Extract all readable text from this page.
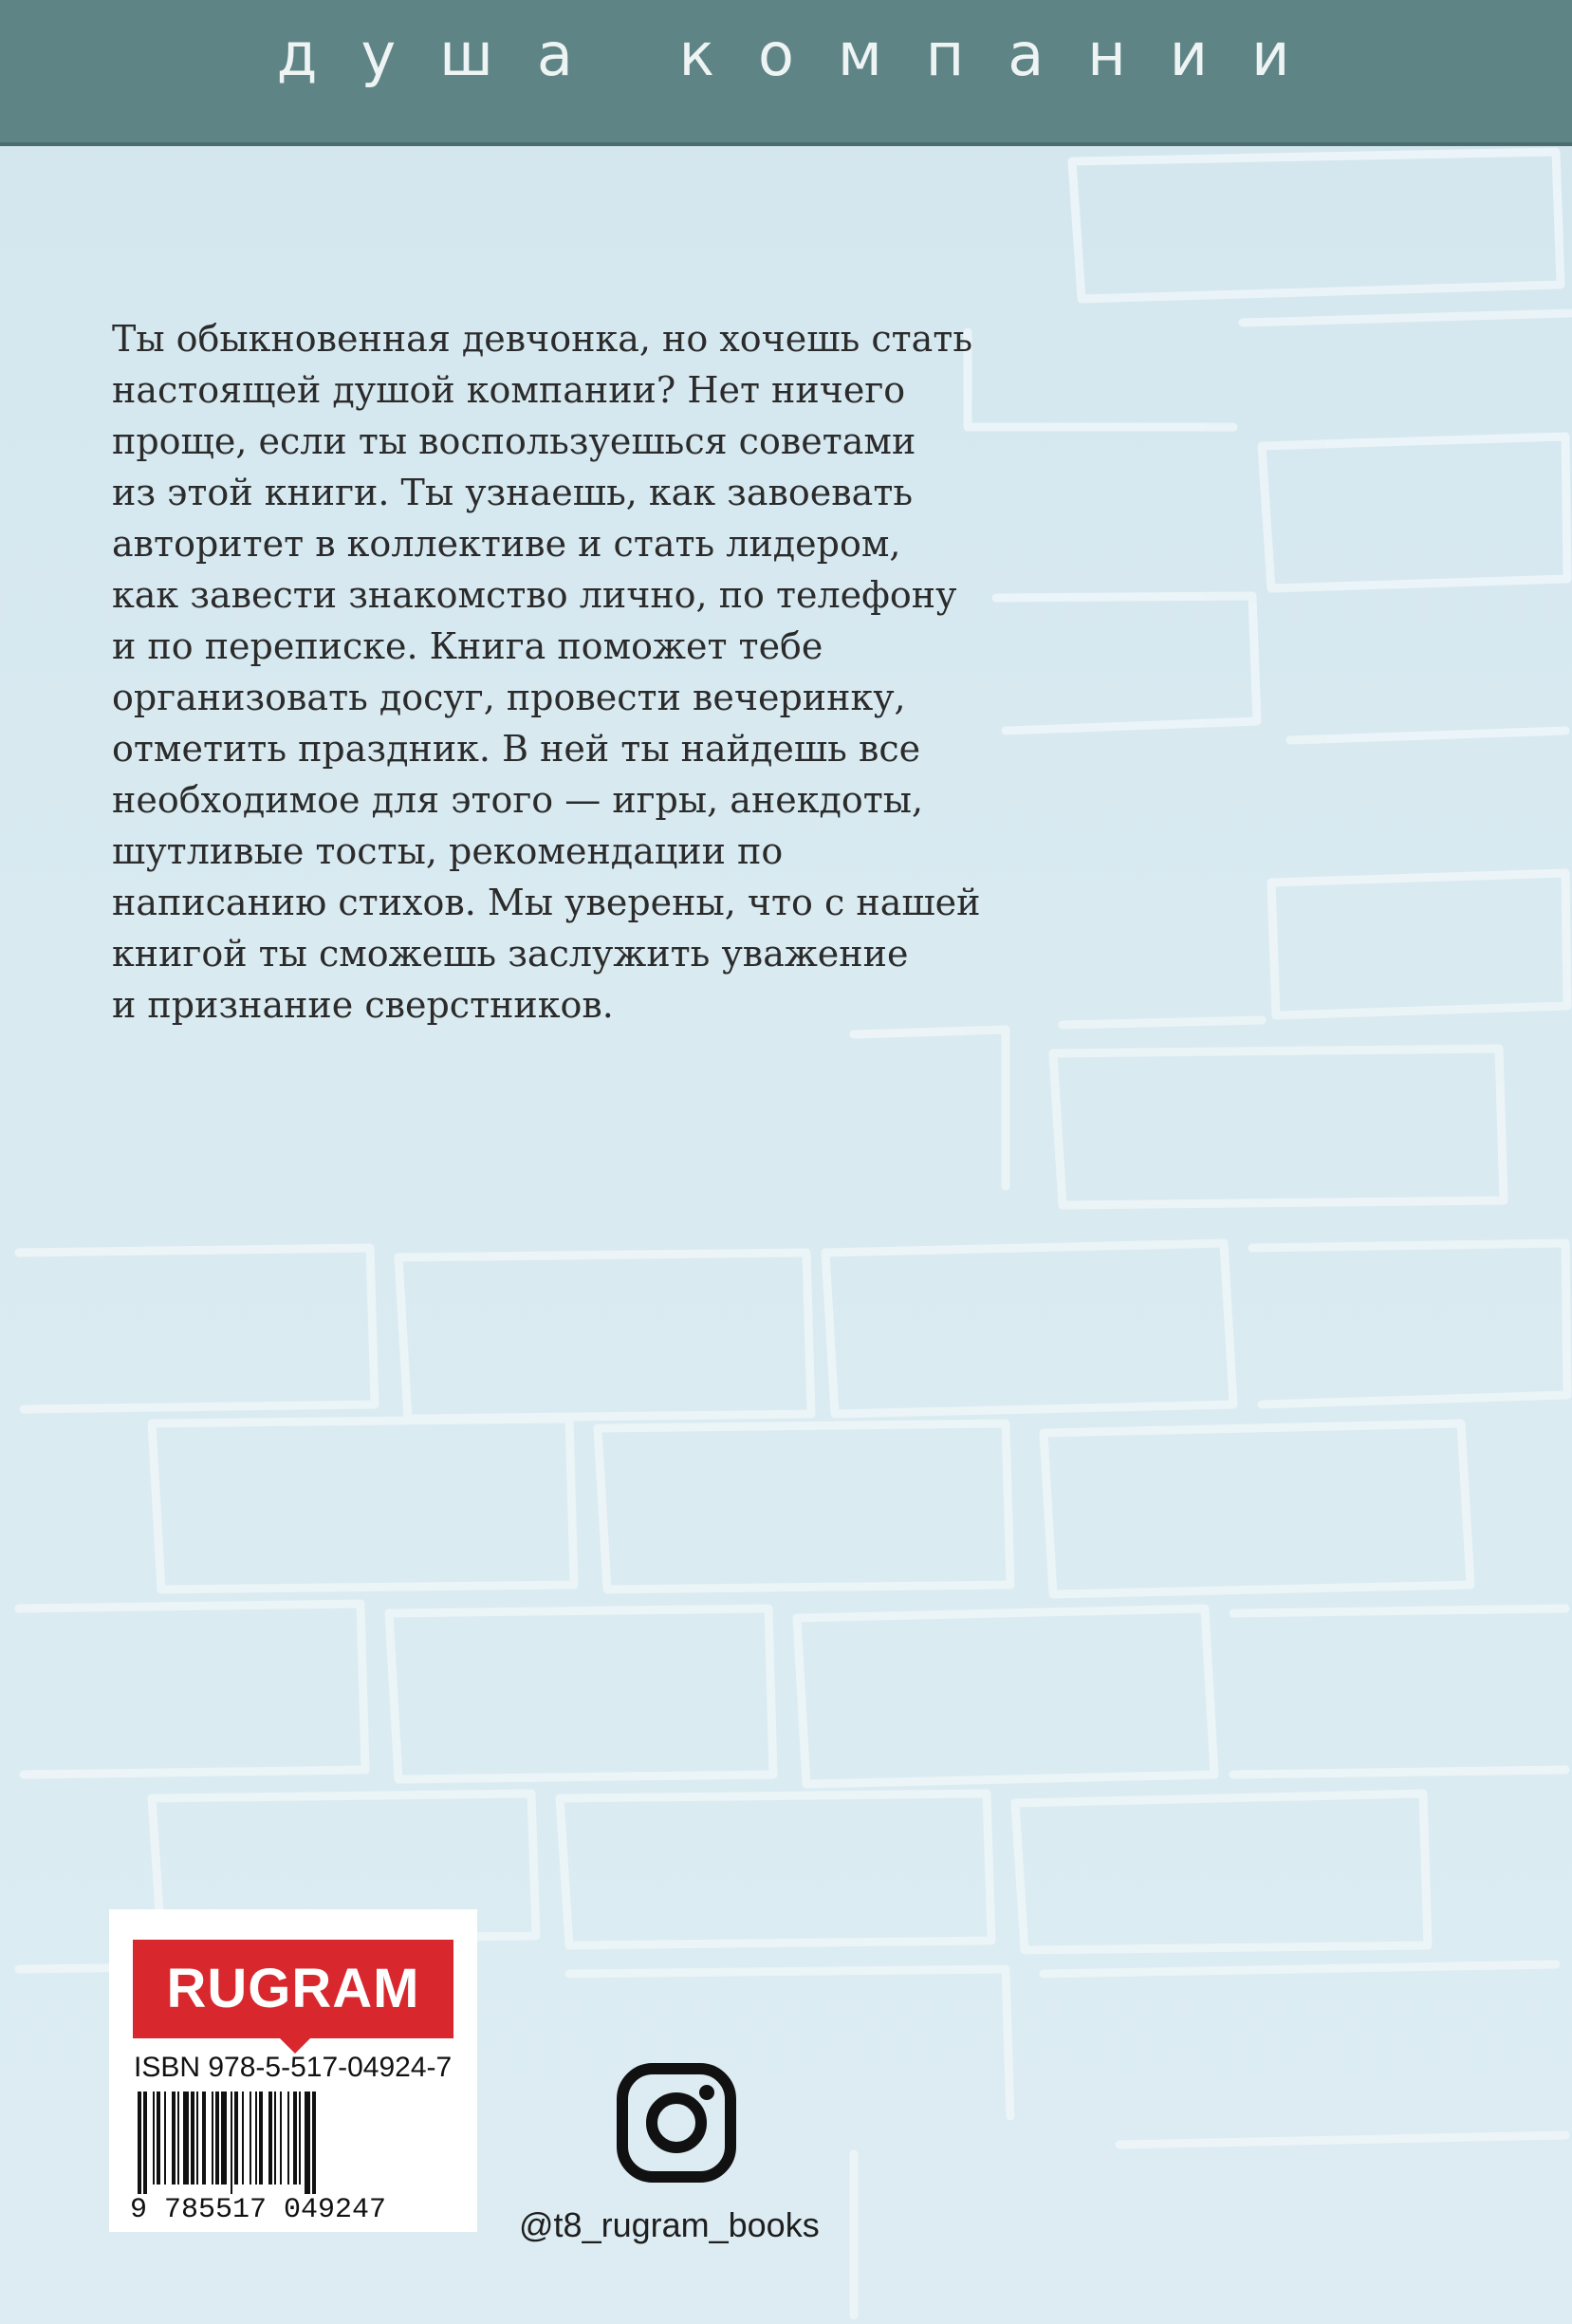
душа компании
Ты обыкновенная девчонка, но хочешь стать
настоящей душой компании? Нет ничего
проще, если ты воспользуешься советами
из этой книги. Ты узнаешь, как завоевать
авторитет в коллективе и стать лидером,
как завести знакомство лично, по телефону
и по переписке. Книга поможет тебе
организовать досуг, провести вечеринку,
отметить праздник. В ней ты найдешь все
необходимое для этого — игры, анекдоты,
шутливые тосты, рекомендации по
написанию стихов. Мы уверены, что с нашей
книгой ты сможешь заслужить уважение
и признание сверстников.
RUGRAM
ISBN 978-5-517-04924-7
9 785517 049247	@t8_rugram_books
